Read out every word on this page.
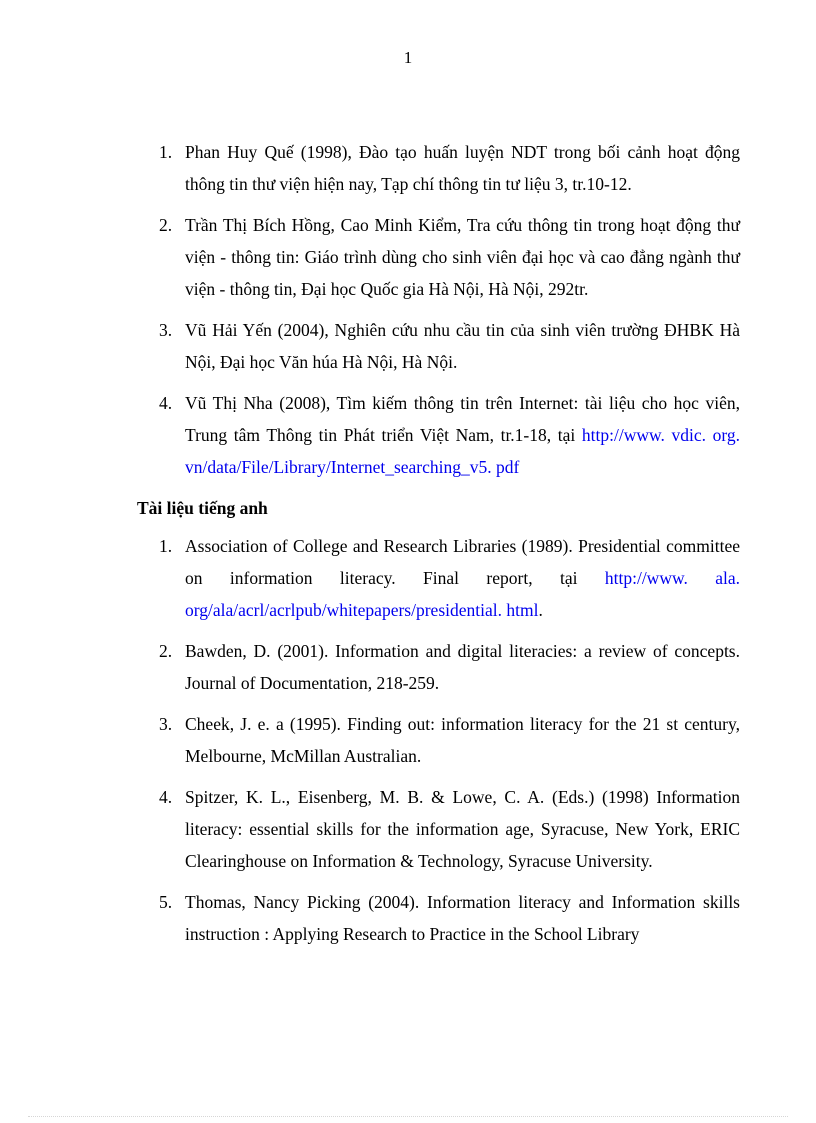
1
1. Phan Huy Quế (1998), Đào tạo huấn luyện NDT trong bối cảnh hoạt động thông tin thư viện hiện nay, Tạp chí thông tin tư liệu 3, tr.10-12.
2. Trần Thị Bích Hồng, Cao Minh Kiểm, Tra cứu thông tin trong hoạt động thư viện - thông tin: Giáo trình dùng cho sinh viên đại học và cao đẳng ngành thư viện - thông tin, Đại học Quốc gia Hà Nội, Hà Nội, 292tr.
3. Vũ Hải Yến (2004), Nghiên cứu nhu cầu tin của sinh viên trường ĐHBK Hà Nội, Đại học Văn húa Hà Nội, Hà Nội.
4. Vũ Thị Nha (2008), Tìm kiếm thông tin trên Internet: tài liệu cho học viên, Trung tâm Thông tin Phát triển Việt Nam, tr.1-18, tại http://www. vdic. org. vn/data/File/Library/Internet_searching_v5. pdf
Tài liệu tiếng anh
1. Association of College and Research Libraries (1989). Presidential committee on information literacy. Final report, tại http://www. ala. org/ala/acrl/acrlpub/whitepapers/presidential. html.
2. Bawden, D. (2001). Information and digital literacies: a review of concepts. Journal of Documentation, 218-259.
3. Cheek, J. e. a (1995). Finding out: information literacy for the 21 st century, Melbourne, McMillan Australian.
4. Spitzer, K. L., Eisenberg, M. B. & Lowe, C. A. (Eds.) (1998) Information literacy: essential skills for the information age, Syracuse, New York, ERIC Clearinghouse on Information & Technology, Syracuse University.
5. Thomas, Nancy Picking (2004). Information literacy and Information skills instruction : Applying Research to Practice in the School Library
